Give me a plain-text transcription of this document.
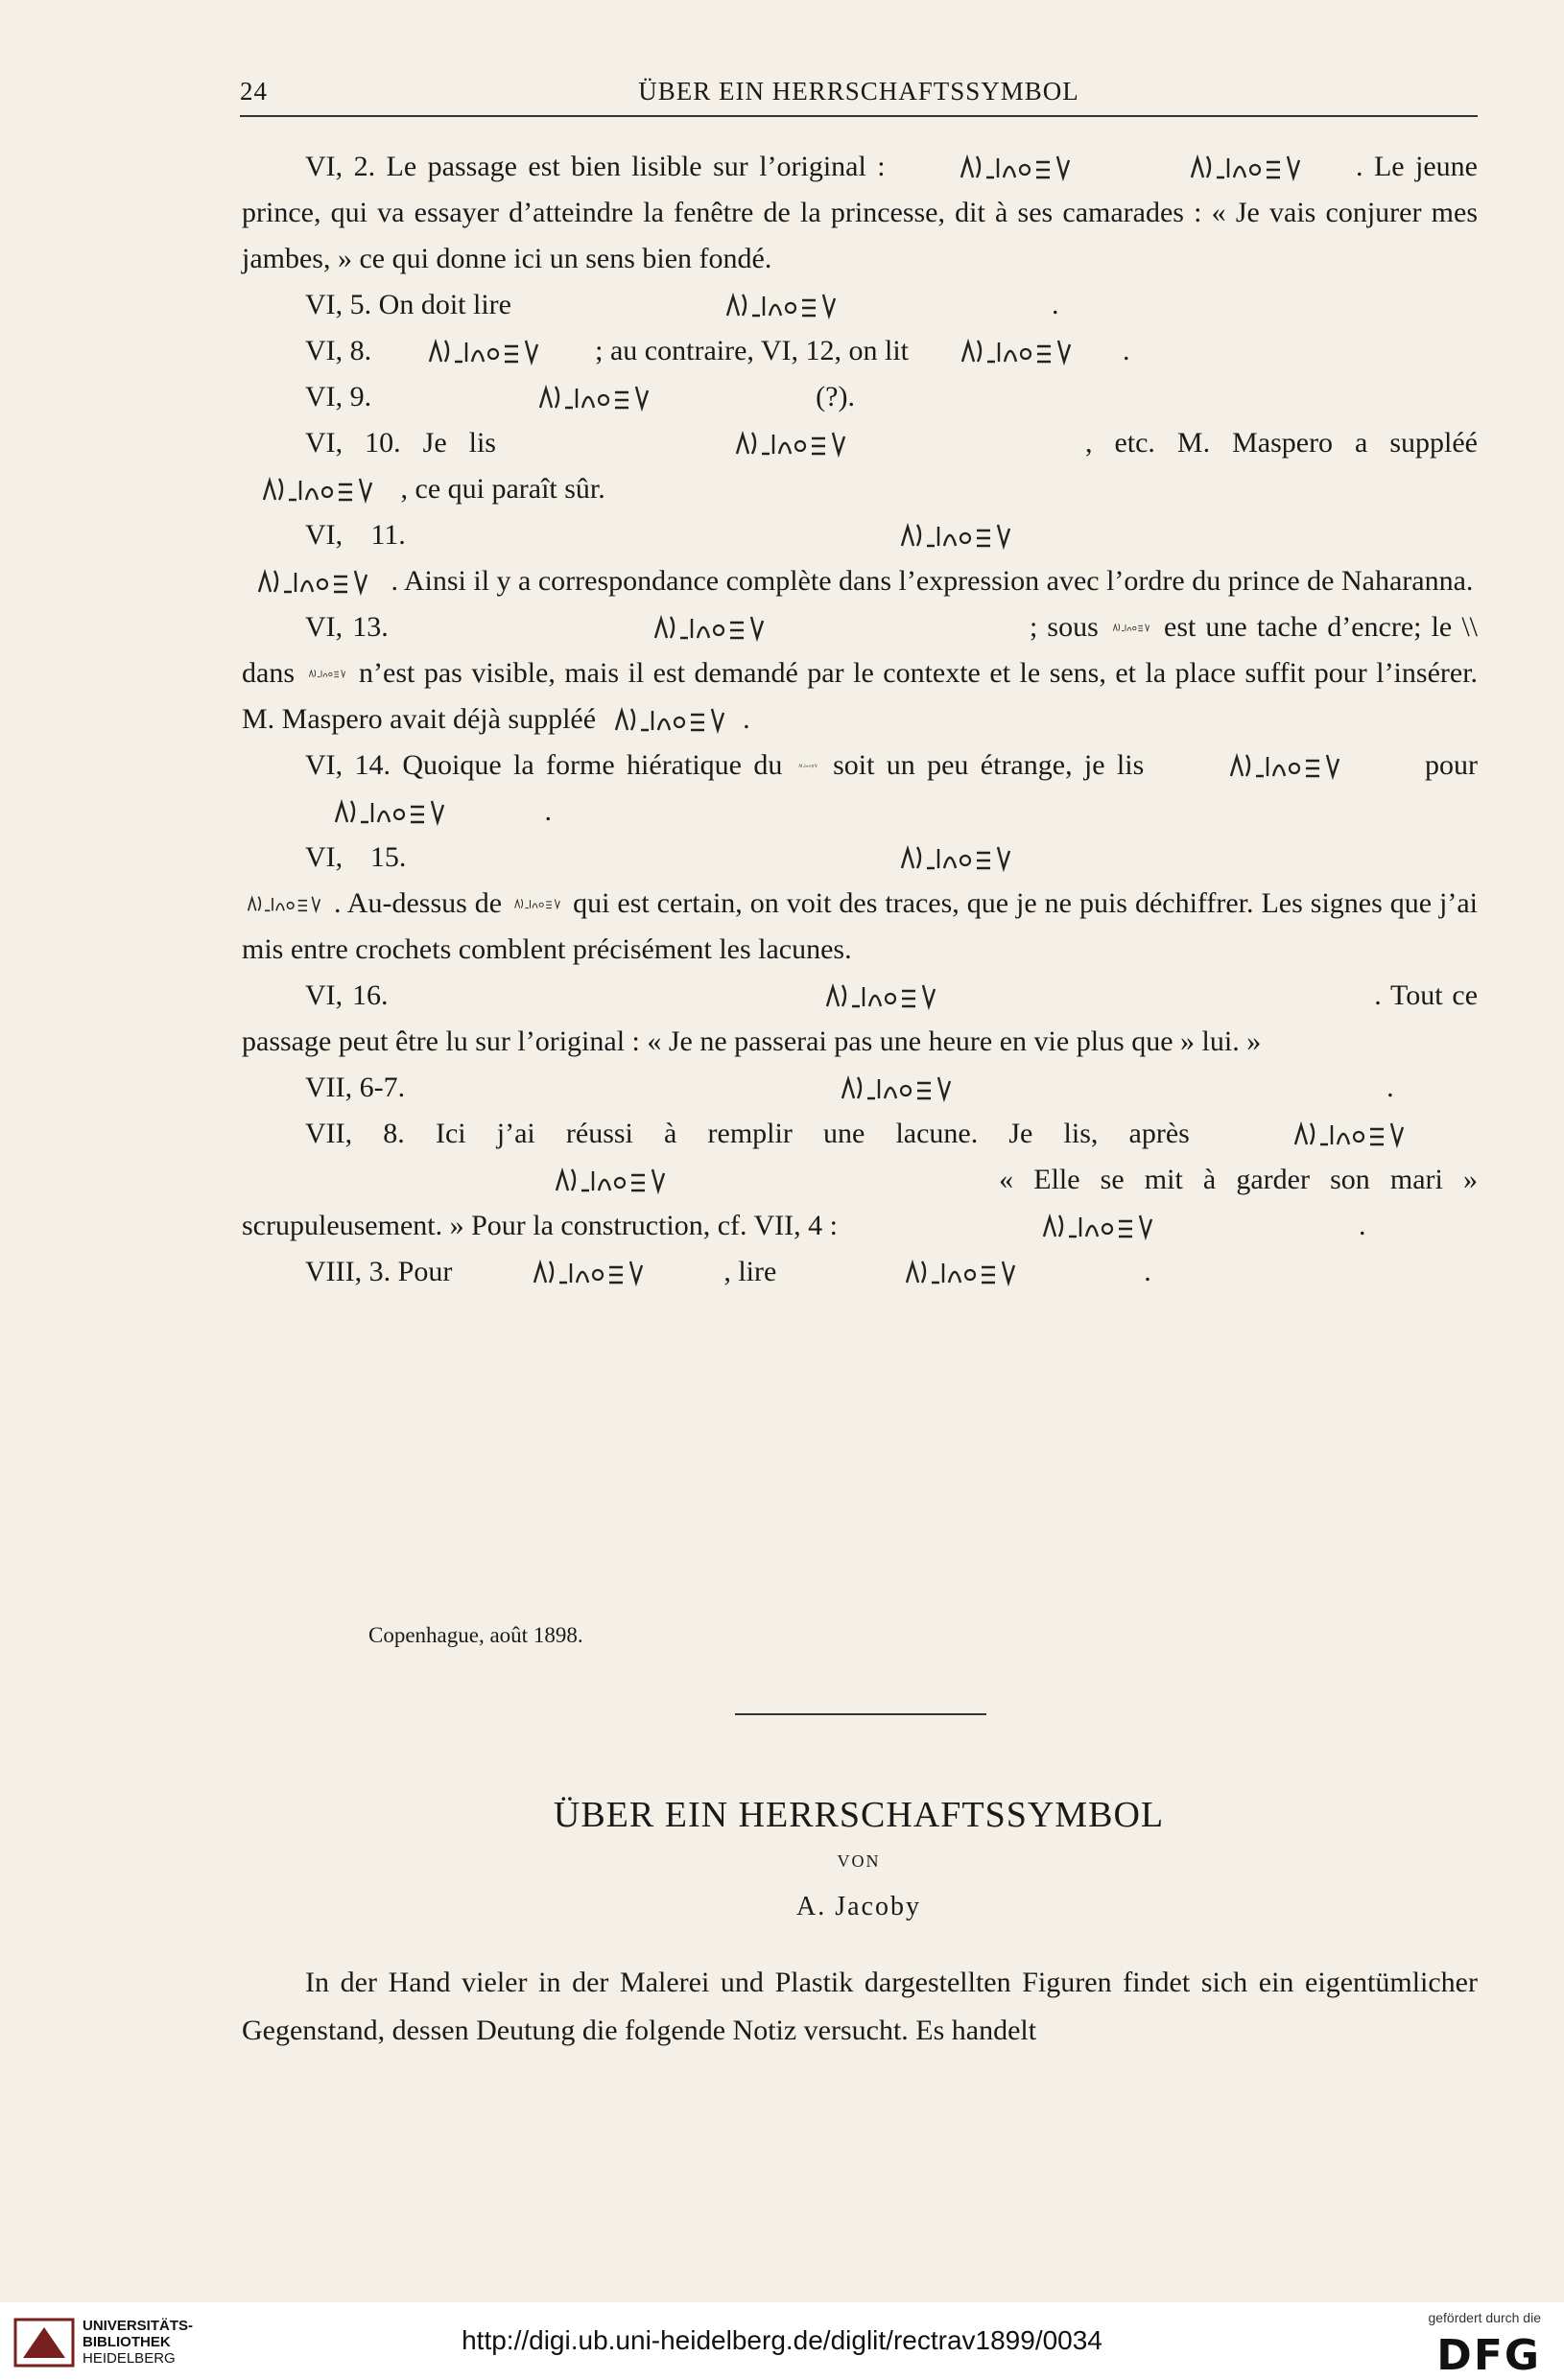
24	ÜBER EIN HERRSCHAFTSSYMBOL

VI, 2. Le passage est bien lisible sur l’original :
	. Le jeune prince, qui va essayer d’atteindre la fenêtre de la princesse, dit à ses camarades : « Je vais conjurer mes jambes, » ce qui donne ici un sens bien fondé.

VI, 5. On doit lire	.

VI, 8.	; au contraire, VI, 12, on lit	.

VI, 9.	(?).

VI, 10. Je lis	, etc. M. Maspero a suppléé
, ce qui paraît sûr.

VI, 11.

. Ainsi il y a correspondance complète dans l’expression avec l’ordre du prince de Naharanna.

VI, 13.	; sous est une tache d’encre; le \\ dans n’est pas visible, mais il est demandé par le contexte et le sens, et la place suffit pour l’insérer. M. Maspero avait déjà suppléé	.

VI, 14. Quoique la forme hiératique du soit un peu étrange, je lis	pour
.

VI, 15.

. Au-dessus de qui est certain, on voit des traces, que je ne puis déchiffrer. Les signes que j’ai mis entre crochets comblent précisément les lacunes.

VI, 16.	. Tout ce passage peut être lu sur l’original : « Je ne passerai pas une heure en vie plus que » lui. »

VII, 6-7.	.

VII, 8. Ici j’ai réussi à remplir une lacune. Je lis, après

« Elle se mit à garder son mari » scrupuleusement. » Pour la construction, cf. VII, 4 :	.

VIII, 3. Pour	, lire	.

Copenhague, août 1898.
ÜBER EIN HERRSCHAFTSSYMBOL
VON
A. Jacoby

In der Hand vieler in der Malerei und Plastik dargestellten Figuren findet sich ein eigentümlicher Gegenstand, dessen Deutung die folgende Notiz versucht. Es handelt

UNIVERSITÄTS-
BIBLIOTHEK
HEIDELBERG
http://digi.ub.uni-heidelberg.de/diglit/rectrav1899/0034
gefördert durch die
DFG
